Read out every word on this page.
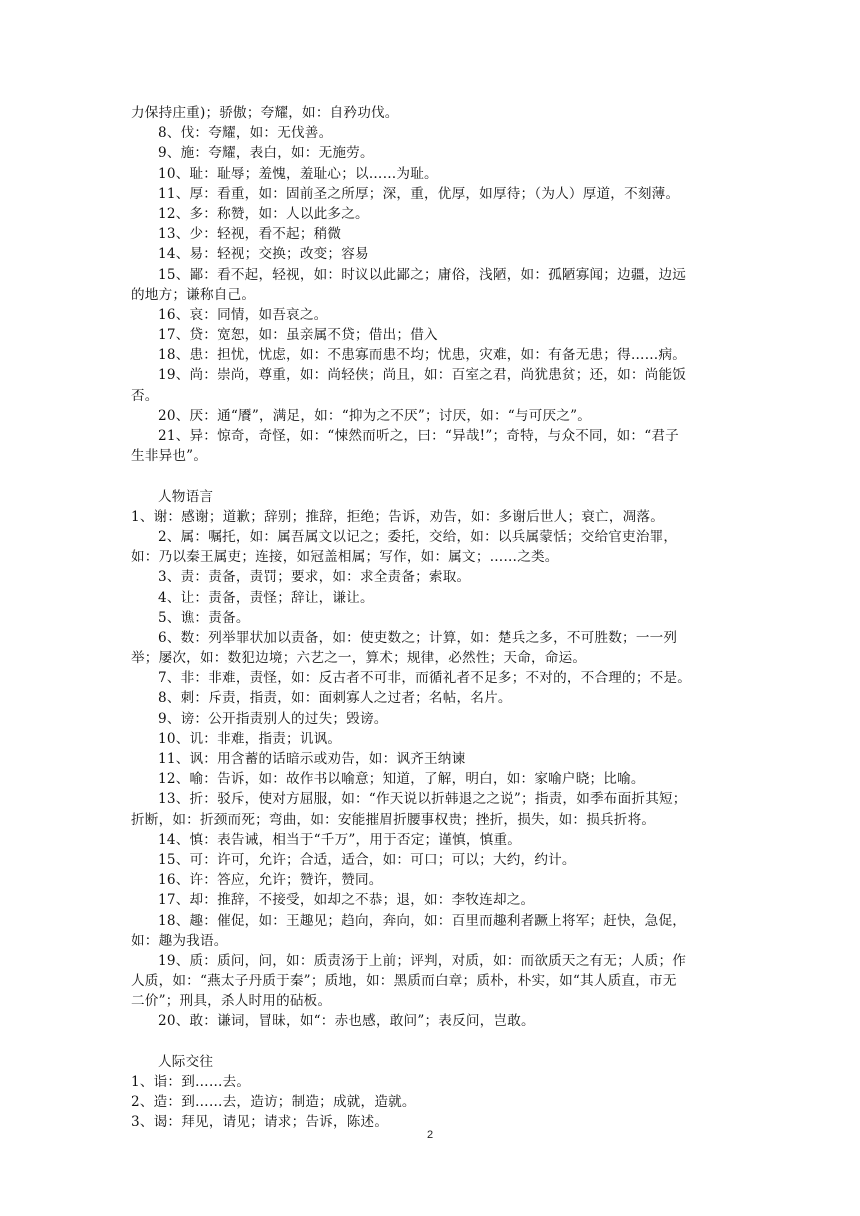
力保持庄重)；骄傲；夸耀，如：自矜功伐。
8、伐：夸耀，如：无伐善。
9、施：夸耀，表白，如：无施劳。
10、耻：耻辱；羞愧，羞耻心；以……为耻。
11、厚：看重，如：固前圣之所厚；深，重，优厚，如厚待；（为人）厚道，不刻薄。
12、多：称赞，如：人以此多之。
13、少：轻视，看不起；稍微
14、易：轻视；交换；改变；容易
15、鄙：看不起，轻视，如：时议以此鄙之；庸俗，浅陋，如：孤陋寡闻；边疆，边远
的地方；谦称自己。
16、哀：同情，如吾哀之。
17、贷：宽恕，如：虽亲属不贷；借出；借入
18、患：担忧，忧虑，如：不患寡而患不均；忧患，灾难，如：有备无患；得……病。
19、尚：崇尚，尊重，如：尚轻侠；尚且，如：百室之君，尚犹患贫；还，如：尚能饭
否。
20、厌：通“餍”，满足，如：“抑为之不厌”；讨厌，如：“与可厌之”。
21、异：惊奇，奇怪，如：“悚然而听之，曰：“异哉!”；奇特，与众不同，如：“君子
生非异也”。
人物语言
1、谢：感谢；道歉；辞别；推辞，拒绝；告诉，劝告，如：多谢后世人；衰亡，凋落。
2、属：嘱托，如：属吾属文以记之；委托，交给，如：以兵属蒙恬；交给官吏治罪，
如：乃以秦王属吏；连接，如冠盖相属；写作，如：属文；……之类。
3、责：责备，责罚；要求，如：求全责备；索取。
4、让：责备，责怪；辞让，谦让。
5、谯：责备。
6、数：列举罪状加以责备，如：使吏数之；计算，如：楚兵之多，不可胜数；一一列
举；屡次，如：数犯边境；六艺之一，算术；规律，必然性；天命，命运。
7、非：非难，责怪，如：反古者不可非，而循礼者不足多；不对的，不合理的；不是。
8、刺：斥责，指责，如：面刺寡人之过者；名帖，名片。
9、谤：公开指责别人的过失；毁谤。
10、讥：非难，指责；讥讽。
11、讽：用含蓄的话暗示或劝告，如：讽齐王纳谏
12、喻：告诉，如：故作书以喻意；知道，了解，明白，如：家喻户晓；比喻。
13、折：驳斥，使对方屈服，如：“作天说以折韩退之之说”；指责，如季布面折其短；
折断，如：折颈而死；弯曲，如：安能摧眉折腰事权贵；挫折，损失，如：损兵折将。
14、慎：表告诫，相当于“千万”，用于否定；谨慎，慎重。
15、可：许可，允许；合适，适合，如：可口；可以；大约，约计。
16、许：答应，允许；赞许，赞同。
17、却：推辞，不接受，如却之不恭；退，如：李牧连却之。
18、趣：催促，如：王趣见；趋向，奔向，如：百里而趣利者蹶上将军；赶快，急促，
如：趣为我语。
19、质：质问，问，如：质责汤于上前；评判，对质，如：而欲质天之有无；人质；作
人质，如：“燕太子丹质于秦”；质地，如：黑质而白章；质朴，朴实，如“其人质直，市无
二价”；刑具，杀人时用的砧板。
20、敢：谦词，冒昧，如“：赤也感，敢问”；表反问，岂敢。
人际交往
1、诣：到……去。
2、造：到……去，造访；制造；成就，造就。
3、谒：拜见，请见；请求；告诉，陈述。
2
